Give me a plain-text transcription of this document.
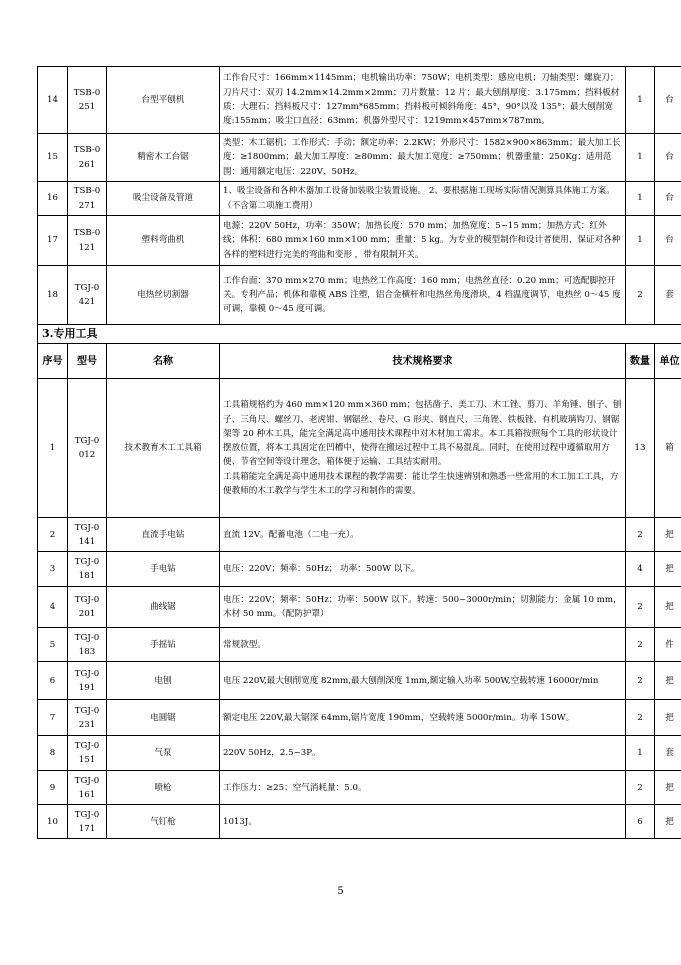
14	TSB-0 251	台型平刨机	工作台尺寸：166mm×1145mm；电机输出功率：750W；电机类型：感应电机；刀轴类型：螺旋刀；刀片尺寸：双刃 14.2mm×14.2mm×2mm；刀片数量：12 片；最大刨削厚度：3.175mm；挡料板材质：大理石；挡料板尺寸：127mm*685mm；挡料板可倾斜角度：45°，90°以及 135°；最大刨削宽度:155mm；吸尘口直径：63mm；机器外型尺寸：1219mm×457mm×787mm。	1	台
15	TSB-0 261	精密木工台锯	类型：木工锯机；工作形式：手动；额定功率：2.2KW；外形尺寸：1582×900×863mm；最大加工长度：≥1800mm；最大加工厚度：≥80mm；最大加工宽度：≥750mm；机器重量：250Kg；适用范围：通用额定电压：220V、50Hz。	1	台
16	TSB-0 271	吸尘设备及管道	1、吸尘设备和各种木器加工设备加装吸尘装置设施。 2、要根据施工现场实际情况测算具体施工方案。（不含第二项施工费用）	1	台
17	TSB-0 121	塑料弯曲机	电源：220V 50Hz，功率：350W；加热长度：570 mm；加热宽度：5~15 mm；加热方式：红外线；体积：680 mm×160 mm×100 mm；重量：5 kg。为专业的模型制作和设计者使用，保证对各种各样的塑料进行完美的弯曲和变形 ，带有限制开关。	1	台
18	TGJ-0 421	电热丝切割器	工作台面：370 mm×270 mm；电热丝工作高度：160 mm；电热丝直径：0.20 mm；可选配脚控开关。专利产品；机体和靠模 ABS 注塑，铝合金横杆和电热丝角度滑块，4 档温度调节，电热丝 0～45 度可调，靠模 0～45 度可调。	2	套
3.专用工具					
序号	型号	名称	技术规格要求	数量	单位
1	TGJ-0 012	技术教育木工工具箱	工具箱规格约为 460 mm×120 mm×360 mm；包括凿子、美工刀、木工锉、剪刀、羊角锤、刨子、刨子、三角尺、螺丝刀、老虎钳、钢锯丝、卷尺、G 形夹、钢直尺、三角锉、铁板锉、有机玻璃钩刀、钢锯架等 20 种木工具，能完全满足高中通用技术课程中对木材加工需求。本工具箱按照每个工具的形状设计摆放位置，将本工具固定在凹槽中，使得在搬运过程中工具不易混乱。同时，在使用过程中遵循取用方便、节省空间等设计理念，箱体便于运输、工具结实耐用。
工具箱能完全满足高中通用技术课程的教学需要：能让学生快速辨别和熟悉一些常用的木工加工工具，方便教师的木工教学与学生木工的学习和制作的需要。	13	箱
2	TGJ-0 141	直流手电钻	直流 12V。配蓄电池（二电一充）。	2	把
3	TGJ-0 181	手电钻	电压：220V；频率：50Hz； 功率：500W 以下。	4	把
4	TGJ-0 201	曲线锯	电压：220V；频率：50Hz；功率：500W 以下。转速：500~3000r/min；切割能力：金属 10 mm，木材 50 mm。（配防护罩）	2	把
5	TGJ-0 183	手摇钻	常规款型。	2	件
6	TGJ-0 191	电刨	电压 220V,最大刨削宽度 82mm,最大刨削深度 1mm,额定输入功率 500W,空载转速 16000r/min	2	把
7	TGJ-0 231	电圆锯	额定电压 220V,最大锯深 64mm,锯片宽度 190mm，空载转速 5000r/min。功率 150W。	2	把
8	TGJ-0 151	气泵	220V 50Hz，2.5~3P。	1	套
9	TGJ-0 161	喷枪	工作压力：≥25；空气消耗量：5.0。	2	把
10	TGJ-0 171	气钉枪	1013J。	6	把
5
